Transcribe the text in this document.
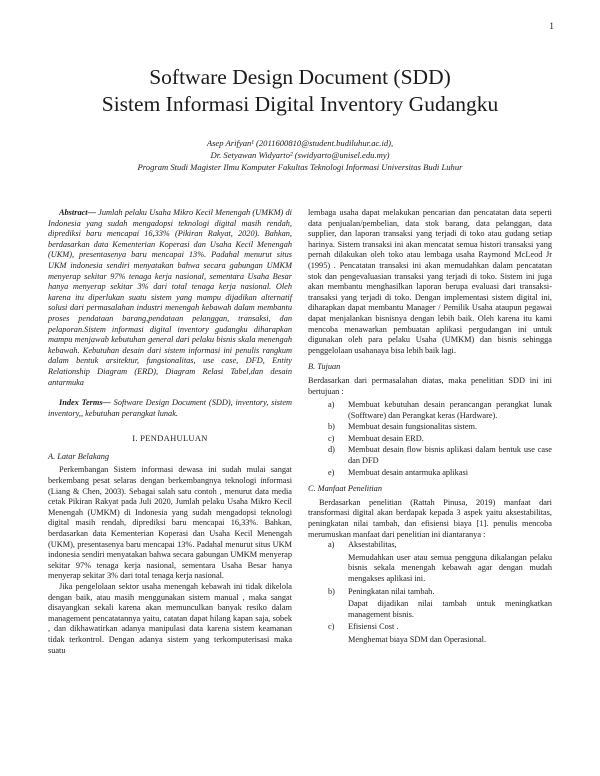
1
Software Design Document (SDD)
Sistem Informasi Digital Inventory Gudangku
Asep Arifyan¹ (2011600810@student.budiluhur.ac.id),
Dr. Setyawan Widyarto² (swidyarto@unisel.edu.my)
Program Studi Magister Ilmu Komputer Fakultas Teknologi Informasi Universitas Budi Luhur

Abstract— Jumlah pelaku Usaha Mikro Kecil Menengah (UMKM) di Indonesia yang sudah mengadopsi teknologi digital masih rendah, diprediksi baru mencapai 16,33% (Pikiran Rakyat, 2020). Bahkan, berdasarkan data Kementerian Koperasi dan Usaha Kecil Menengah (UKM), presentasenya baru mencapai 13%. Padahal menurut situs UKM indonesia sendiri menyatakan bahwa secara gabungan UMKM menyerap sekitar 97% tenaga kerja nasional, sementara Usaha Besar hanya menyerap sekitar 3% dari total tenaga kerja nasional. Oleh karena itu diperlukan suatu sistem yang mampu dijadikan alternatif solusi dari permasalahan industri menengah kebawah dalam membantu proses pendataan barang,pendataan pelanggan, transaksi, dan pelaporan.Sistem informasi digital inventory gudangku diharapkan mampu menjawab kebutuhan general dari pelaku bisnis skala menengah kebawah. Kebutuhan desain dari sistem informasi ini penulis rangkum dalam bentuk arsitektur, fungsionalitas, use case, DFD, Entity Relationship Diagram (ERD), Diagram Relasi Tabel,dan desain antarmuka

Index Terms— Software Design Document (SDD), inventory, sistem inventory,, kebutuhan perangkat lunak.

I. PENDAHULUAN

A. Latar Belakang

Perkembangan Sistem informasi dewasa ini sudah mulai sangat berkembang pesat selaras dengan berkembangnya teknologi informasi (Liang & Chen, 2003). Sebagai salah satu contoh , menurut data media cetak Pikiran Rakyat pada Juli 2020, Jumlah pelaku Usaha Mikro Kecil Menengah (UMKM) di Indonesia yang sudah mengadopsi teknologi digital masih rendah, diprediksi baru mencapai 16,33%. Bahkan, berdasarkan data Kementerian Koperasi dan Usaha Kecil Menengah (UKM), presentasenya baru mencapai 13%. Padahal menurut situs UKM indonesia sendiri menyatakan bahwa secara gabungan UMKM menyerap sekitar 97% tenaga kerja nasional, sementara Usaha Besar hanya menyerap sekitar 3% dari total tenaga kerja nasional.

Jika pengelolaan sektor usaha menengah kebawah ini tidak dikelola dengan baik, atau masih menggunakan sistem manual , maka sangat disayangkan sekali karena akan memunculkan banyak resiko dalam management pencatatannya yaitu, catatan dapat hilang kapan saja, sobek , dan dikhawatirkan adanya manipulasi data karena sistem keamanan tidak terkontrol. Dengan adanya sistem yang terkomputerisasi maka suatu

lembaga usaha dapat melakukan pencarian dan pencatatan data seperti data penjualan/pembelian, data stok barang, data pelanggan, data supplier, dan laporan transaksi yang terjadi di toko atau gudang setiap harinya. Sistem transaksi ini akan mencatat semua histori transaksi yang pernah dilakukan oleh toko atau lembaga usaha Raymond McLeod Jr (1995) . Pencatatan transaksi ini akan memudahkan dalam pencatatan stok dan pengevaluasian transaksi yang terjadi di toko. Sistem ini juga akan membantu menghasilkan laporan berupa evaluasi dari transaksi-transaksi yang terjadi di toko. Dengan implementasi sistem digital ini, diharapkan dapat membantu Manager / Pemilik Usaha ataupun pegawai dapat menjalankan bisnisnya dengan lebih baik. Oleh karena itu kami mencoba menawarkan pembuatan aplikasi pergudangan ini untuk digunakan oleh para pelaku Usaha (UMKM) dan bisnis sehingga penggelolaan usahanaya bisa lebih baik lagi.

B. Tujuan

Berdasarkan dari permasalahan diatas, maka penelitian SDD ini ini bertujuan :

a) Membuat kebutuhan desain perancangan perangkat lunak (Sofftware) dan Perangkat keras (Hardware).
b) Membuat desain fungsionalitas sistem.
c) Membuat desain ERD.
d) Membuat desain flow bisnis aplikasi dalam bentuk use case dan DFD
e) Membuat desain antarmuka aplikasi

C. Manfaat Penelitian

Berdasarkan penelitian (Rattah Pinusa, 2019) manfaat dari transformasi digital akan berdapak kepada 3 aspek yaitu aksestabilitas, peningkatan nilai tambah, dan efisiensi biaya [1]. penulis mencoba merumuskan manfaat dari penelitian ini diantaranya :

a) Aksestabilitas,

Memudahkan user atau semua pengguna dikalangan pelaku bisnis sekala menengah kebawah agar dengan mudah mengakses aplikasi ini.

b) Peningkatan nilai tambah.

Dapat dijadikan nilai tambah untuk meningkatkan management bisnis.

c) Efisiensi Cost .

Menghemat biaya SDM dan Operasional.
